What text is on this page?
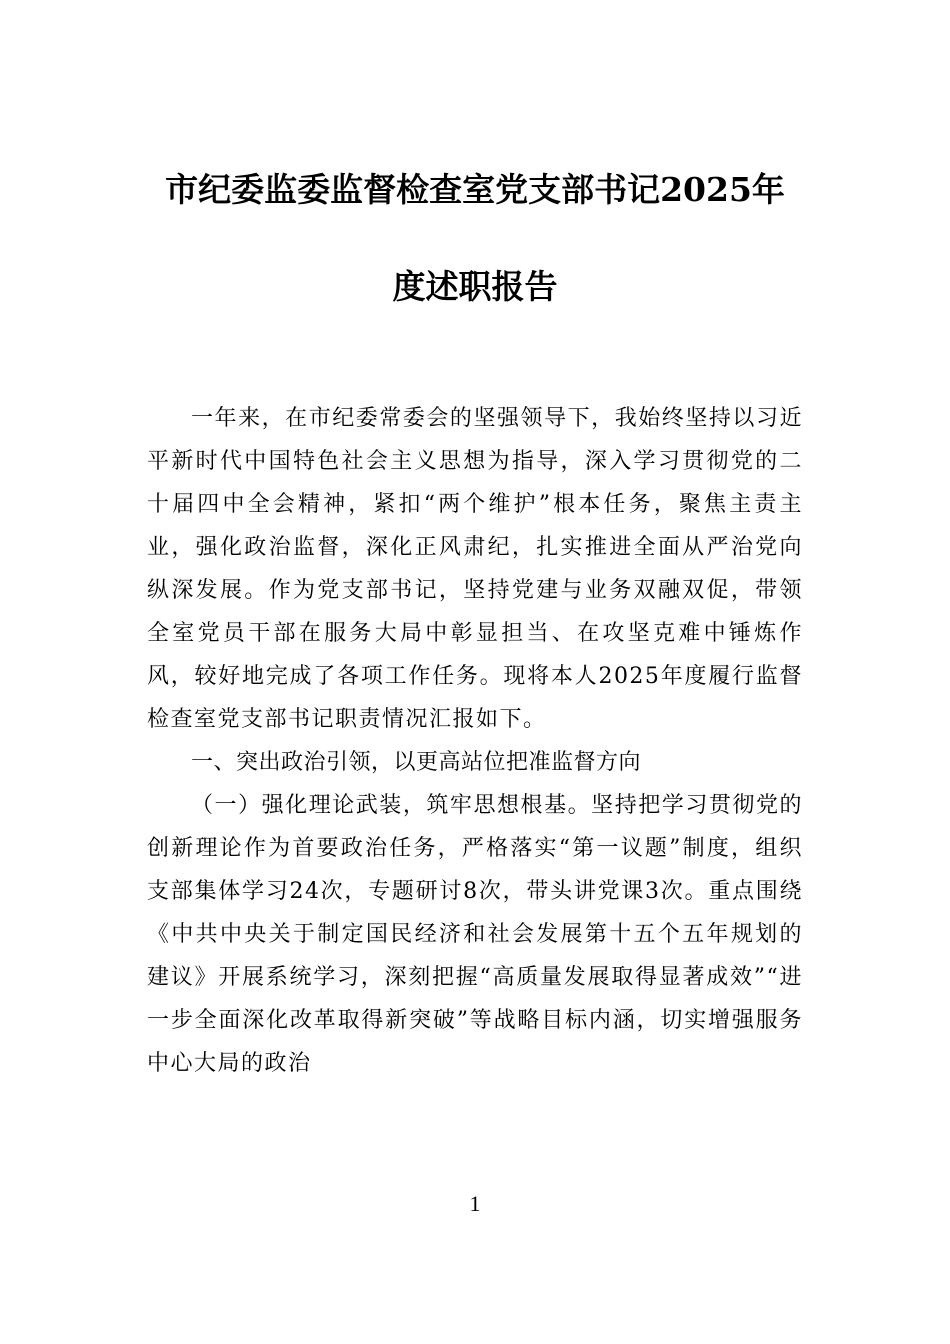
市纪委监委监督检查室党支部书记2025年
度述职报告

一年来，在市纪委常委会的坚强领导下，我始终坚持以习近平新时代中国特色社会主义思想为指导，深入学习贯彻党的二十届四中全会精神，紧扣“两个维护”根本任务，聚焦主责主业，强化政治监督，深化正风肃纪，扎实推进全面从严治党向纵深发展。作为党支部书记，坚持党建与业务双融双促，带领全室党员干部在服务大局中彰显担当、在攻坚克难中锤炼作风，较好地完成了各项工作任务。现将本人2025年度履行监督检查室党支部书记职责情况汇报如下。

一、突出政治引领，以更高站位把准监督方向

（一）强化理论武装，筑牢思想根基。坚持把学习贯彻党的创新理论作为首要政治任务，严格落实“第一议题”制度，组织支部集体学习24次，专题研讨8次，带头讲党课3次。重点围绕《中共中央关于制定国民经济和社会发展第十五个五年规划的建议》开展系统学习，深刻把握“高质量发展取得显著成效”“进一步全面深化改革取得新突破”等战略目标内涵，切实增强服务中心大局的政治

1
